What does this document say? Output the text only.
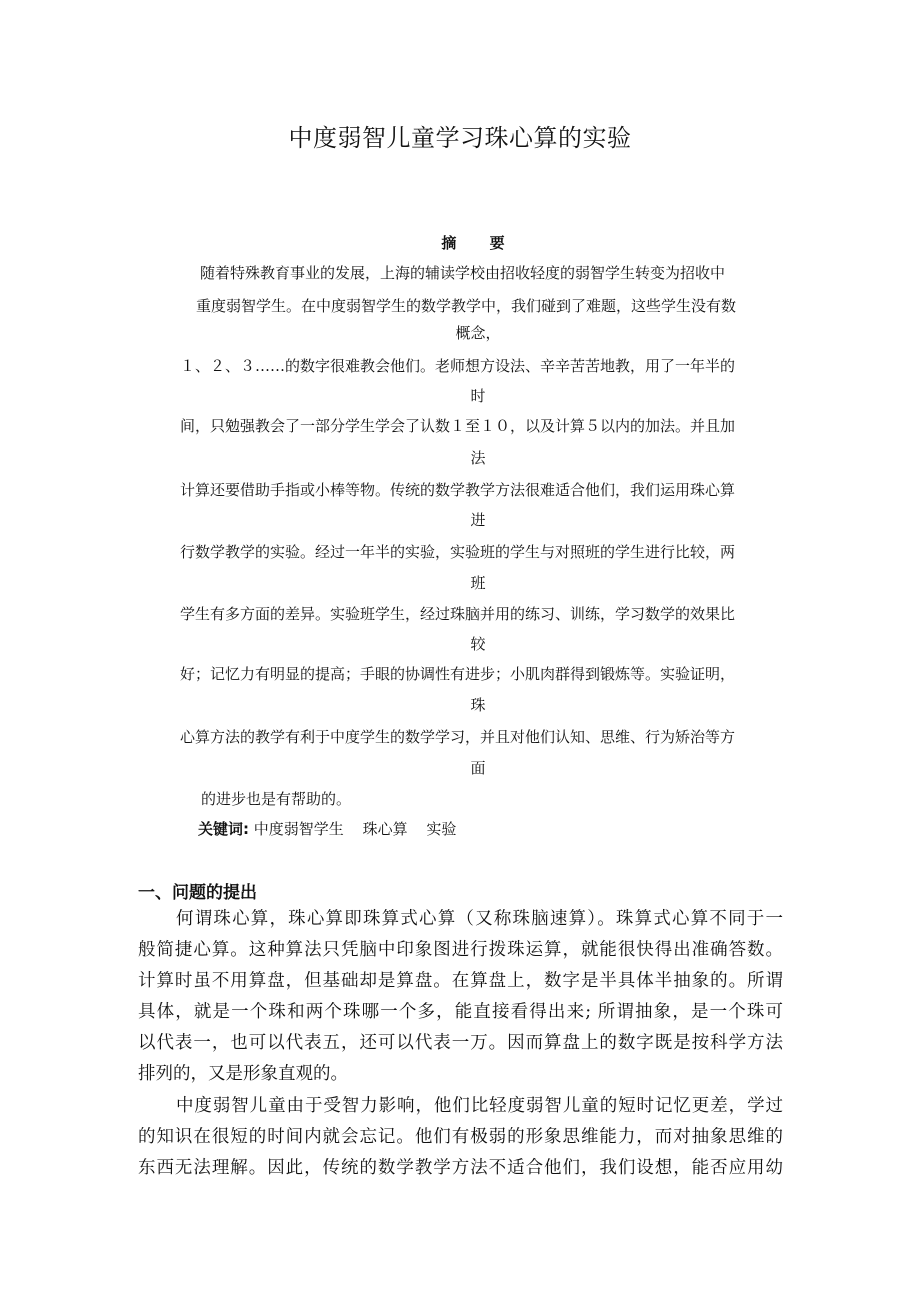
中度弱智儿童学习珠心算的实验
摘 要
随着特殊教育事业的发展，上海的辅读学校由招收轻度的弱智学生转变为招收中
重度弱智学生。在中度弱智学生的数学教学中，我们碰到了难题，这些学生没有数
概念，
１、２、３……的数字很难教会他们。老师想方设法、辛辛苦苦地教，用了一年半的
时
间，只勉强教会了一部分学生学会了认数１至１０，以及计算５以内的加法。并且加
法
计算还要借助手指或小棒等物。传统的数学教学方法很难适合他们，我们运用珠心算
进
行数学教学的实验。经过一年半的实验，实验班的学生与对照班的学生进行比较，两
班
学生有多方面的差异。实验班学生，经过珠脑并用的练习、训练，学习数学的效果比
较
好；记忆力有明显的提高；手眼的协调性有进步；小肌肉群得到锻炼等。实验证明，
珠
心算方法的教学有利于中度学生的数学学习，并且对他们认知、思维、行为矫治等方
面
的进步也是有帮助的。
关键词: 中度弱智学生 珠心算 实验
一、问题的提出
何谓珠心算，珠心算即珠算式心算（又称珠脑速算）。珠算式心算不同于一
般简捷心算。这种算法只凭脑中印象图进行拨珠运算，就能很快得出准确答数。
计算时虽不用算盘，但基础却是算盘。在算盘上，数字是半具体半抽象的。所谓
具体，就是一个珠和两个珠哪一个多，能直接看得出来; 所谓抽象，是一个珠可
以代表一，也可以代表五，还可以代表一万。因而算盘上的数字既是按科学方法
排列的，又是形象直观的。
中度弱智儿童由于受智力影响，他们比轻度弱智儿童的短时记忆更差，学过
的知识在很短的时间内就会忘记。他们有极弱的形象思维能力，而对抽象思维的
东西无法理解。因此，传统的数学教学方法不适合他们，我们设想，能否应用幼
